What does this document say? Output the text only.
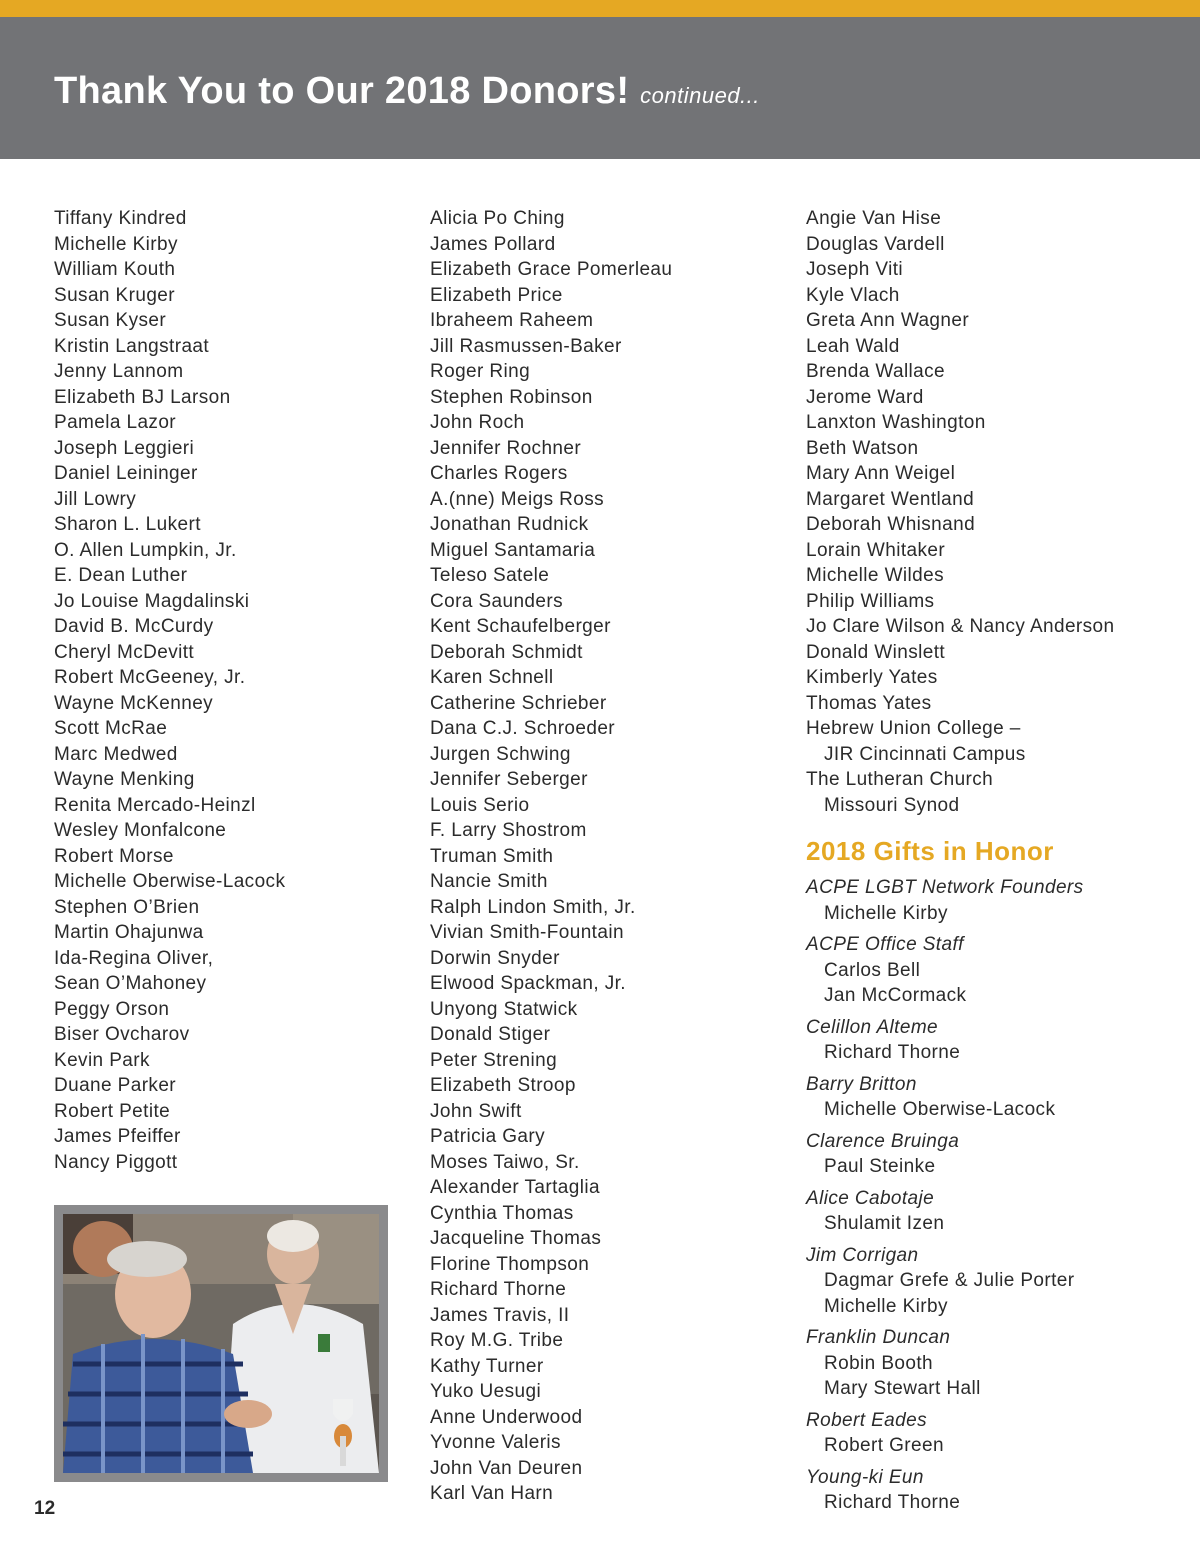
Thank You to Our 2018 Donors! continued...
Tiffany Kindred
Michelle Kirby
William Kouth
Susan Kruger
Susan Kyser
Kristin Langstraat
Jenny Lannom
Elizabeth BJ Larson
Pamela Lazor
Joseph Leggieri
Daniel Leininger
Jill Lowry
Sharon L. Lukert
O. Allen Lumpkin, Jr.
E. Dean Luther
Jo Louise Magdalinski
David B. McCurdy
Cheryl McDevitt
Robert McGeeney, Jr.
Wayne McKenney
Scott McRae
Marc Medwed
Wayne Menking
Renita Mercado-Heinzl
Wesley Monfalcone
Robert Morse
Michelle Oberwise-Lacock
Stephen O’Brien
Martin Ohajunwa
Ida-Regina Oliver,
Sean O’Mahoney
Peggy Orson
Biser Ovcharov
Kevin Park
Duane Parker
Robert Petite
James Pfeiffer
Nancy Piggott
Alicia Po Ching
James Pollard
Elizabeth Grace Pomerleau
Elizabeth Price
Ibraheem Raheem
Jill Rasmussen-Baker
Roger Ring
Stephen Robinson
John Roch
Jennifer Rochner
Charles Rogers
A.(nne) Meigs Ross
Jonathan Rudnick
Miguel Santamaria
Teleso Satele
Cora Saunders
Kent Schaufelberger
Deborah Schmidt
Karen Schnell
Catherine Schrieber
Dana C.J. Schroeder
Jurgen Schwing
Jennifer Seberger
Louis Serio
F. Larry Shostrom
Truman Smith
Nancie Smith
Ralph Lindon Smith, Jr.
Vivian Smith-Fountain
Dorwin Snyder
Elwood Spackman, Jr.
Unyong Statwick
Donald Stiger
Peter Strening
Elizabeth Stroop
John Swift
Patricia Gary
Moses Taiwo, Sr.
Alexander Tartaglia
Cynthia Thomas
Jacqueline Thomas
Florine Thompson
Richard Thorne
James Travis, II
Roy M.G. Tribe
Kathy Turner
Yuko Uesugi
Anne Underwood
Yvonne Valeris
John Van Deuren
Karl Van Harn
Angie Van Hise
Douglas Vardell
Joseph Viti
Kyle Vlach
Greta Ann Wagner
Leah Wald
Brenda Wallace
Jerome Ward
Lanxton Washington
Beth Watson
Mary Ann Weigel
Margaret Wentland
Deborah Whisnand
Lorain Whitaker
Michelle Wildes
Philip Williams
Jo Clare Wilson & Nancy Anderson
Donald Winslett
Kimberly Yates
Thomas Yates
Hebrew Union College –
JIR Cincinnati Campus
The Lutheran Church
Missouri Synod
2018 Gifts in Honor
ACPE LGBT Network Founders
Michelle Kirby
ACPE Office Staff
Carlos Bell
Jan McCormack
Celillon Alteme
Richard Thorne
Barry Britton
Michelle Oberwise-Lacock
Clarence Bruinga
Paul Steinke
Alice Cabotaje
Shulamit Izen
Jim Corrigan
Dagmar Grefe & Julie Porter
Michelle Kirby
Franklin Duncan
Robin Booth
Mary Stewart Hall
Robert Eades
Robert Green
Young-ki Eun
Richard Thorne
12
